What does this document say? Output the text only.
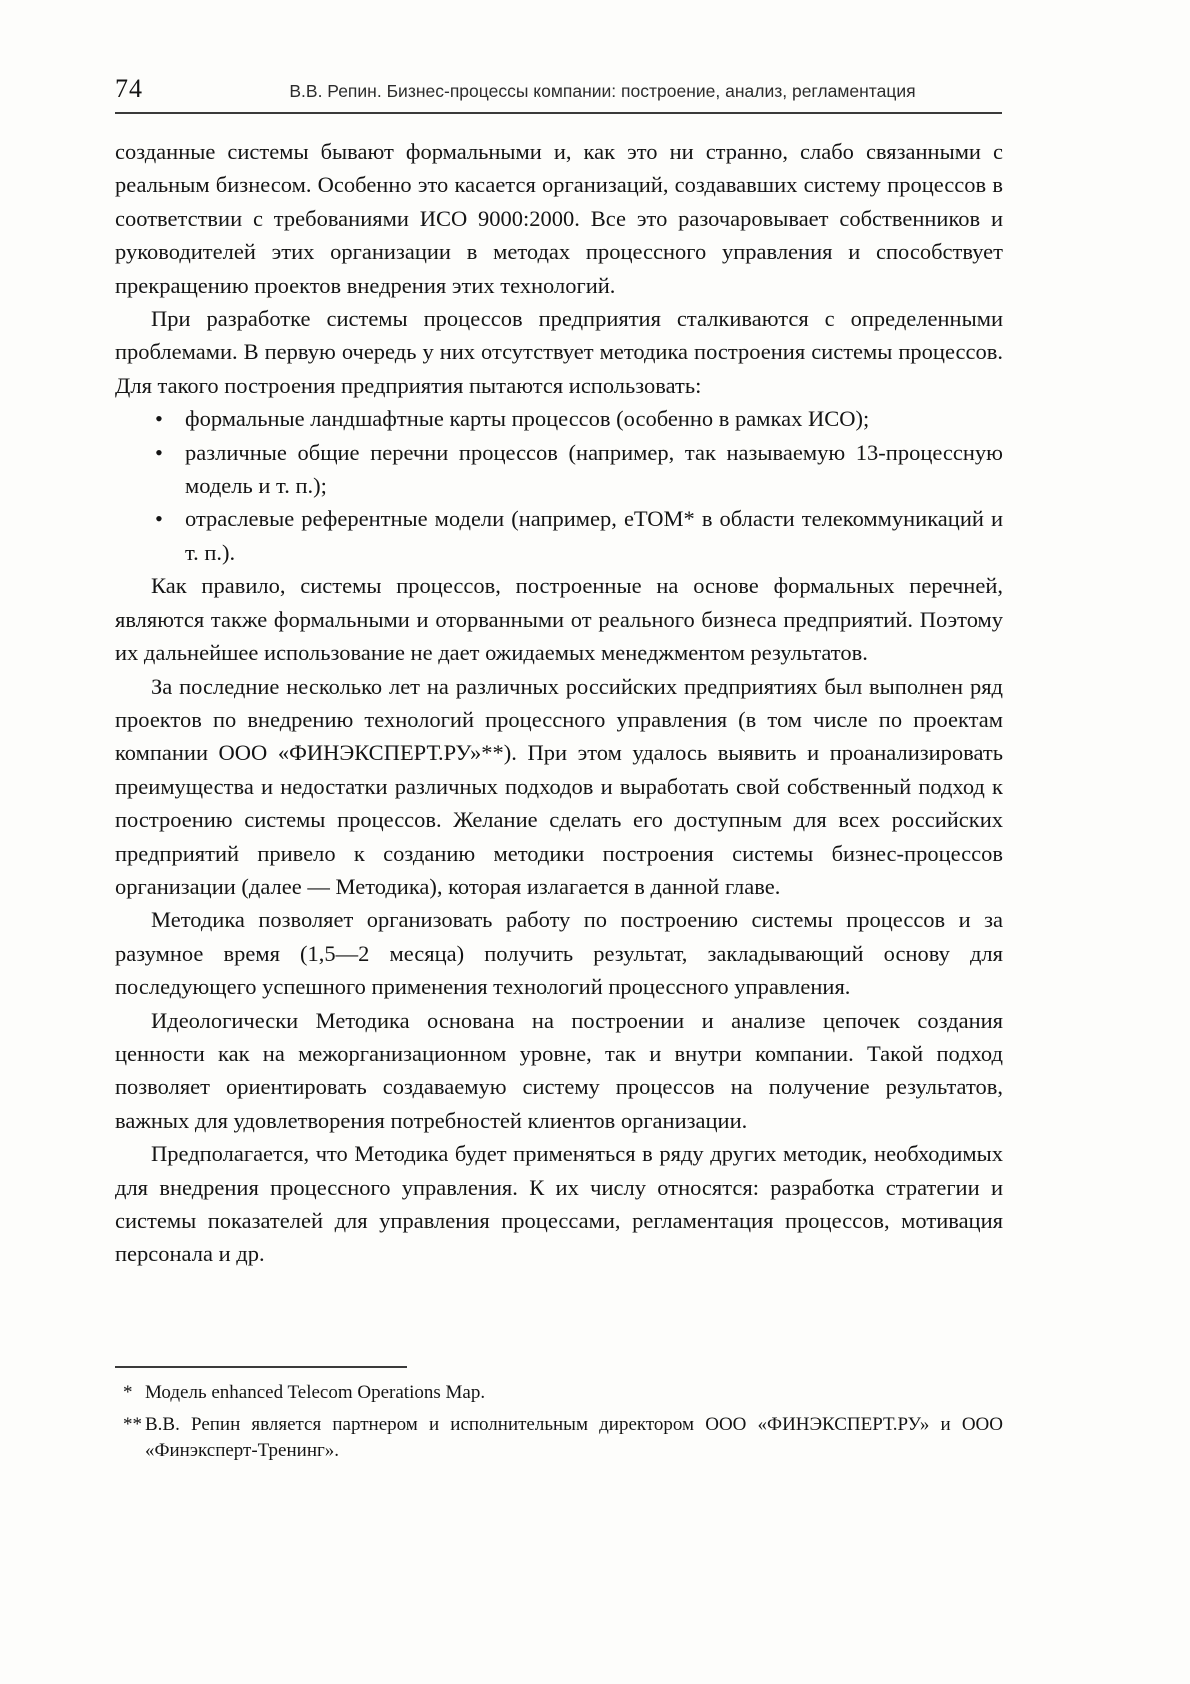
74	В.В. Репин. Бизнес-процессы компании: построение, анализ, регламентация

созданные системы бывают формальными и, как это ни странно, слабо связанными с реальным бизнесом. Особенно это касается организаций, создававших систему процессов в соответствии с требованиями ИСО 9000:2000. Все это разочаровывает собственников и руководителей этих организации в методах процессного управления и способствует прекращению проектов внедрения этих технологий.

При разработке системы процессов предприятия сталкиваются с определенными проблемами. В первую очередь у них отсутствует методика построения системы процессов. Для такого построения предприятия пытаются использовать:

• формальные ландшафтные карты процессов (особенно в рамках ИСО);
• различные общие перечни процессов (например, так называемую 13-процессную модель и т. п.);
• отраслевые референтные модели (например, eTOM* в области телекоммуникаций и т. п.).

Как правило, системы процессов, построенные на основе формальных перечней, являются также формальными и оторванными от реального бизнеса предприятий. Поэтому их дальнейшее использование не дает ожидаемых менеджментом результатов.

За последние несколько лет на различных российских предприятиях был выполнен ряд проектов по внедрению технологий процессного управления (в том числе по проектам компании ООО «ФИНЭКСПЕРТ.РУ»**). При этом удалось выявить и проанализировать преимущества и недостатки различных подходов и выработать свой собственный подход к построению системы процессов. Желание сделать его доступным для всех российских предприятий привело к созданию методики построения системы бизнес-процессов организации (далее — Методика), которая излагается в данной главе.

Методика позволяет организовать работу по построению системы процессов и за разумное время (1,5—2 месяца) получить результат, закладывающий основу для последующего успешного применения технологий процессного управления.

Идеологически Методика основана на построении и анализе цепочек создания ценности как на межорганизационном уровне, так и внутри компании. Такой подход позволяет ориентировать создаваемую систему процессов на получение результатов, важных для удовлетворения потребностей клиентов организации.

Предполагается, что Методика будет применяться в ряду других методик, необходимых для внедрения процессного управления. К их числу относятся: разработка стратегии и системы показателей для управления процессами, регламентация процессов, мотивация персонала и др.

* Модель enhanced Telecom Operations Map.
** В.В. Репин является партнером и исполнительным директором ООО «ФИНЭКСПЕРТ.РУ» и ООО «Финэксперт-Тренинг».
